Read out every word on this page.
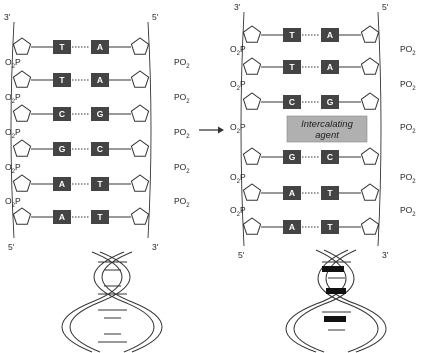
T	A
T	A
C	G
G	C
A	T
A	T
$O_2P$	$PO_2$
$O_2P$	$PO_2$
$O_2P$	$PO_2$
$O_2P$	$PO_2$
$O_2P$	$PO_2$
3′	5′
5′	3′
T	A
T	A
C	G
G	C
A	T
A	T
$O_2P$	$PO_2$
$O_2P$	$PO_2$
$O_2P$	$PO_2$
$O_2P$	$PO_2$
$O_2P$	$PO_2$
3′	5′
5′	3′
Intercalating
agent
